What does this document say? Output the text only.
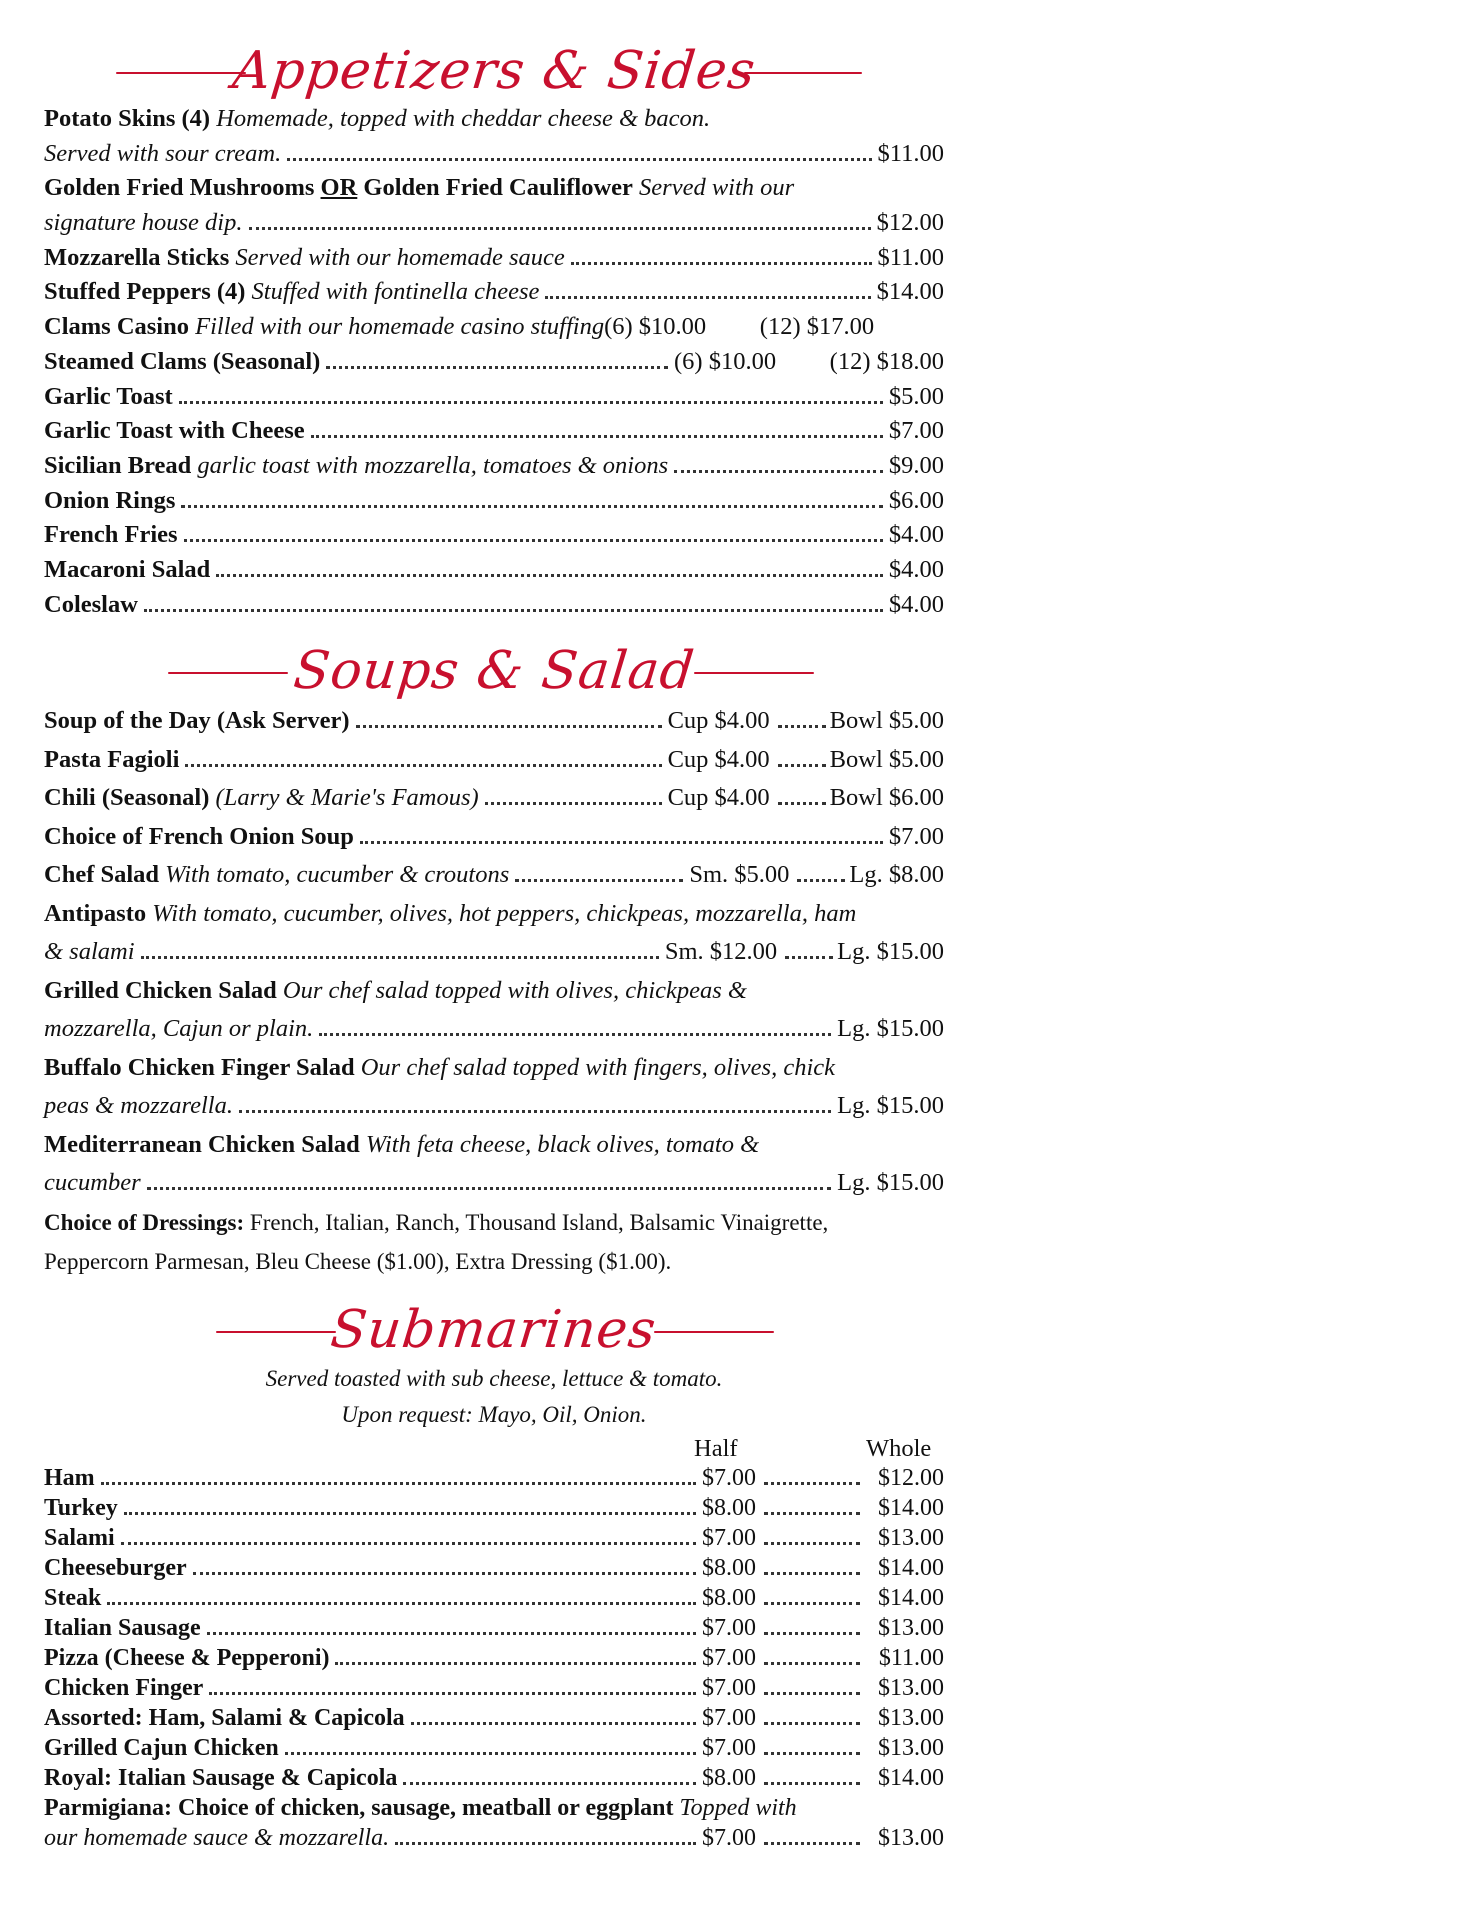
Appetizers & Sides
Potato Skins (4) Homemade, topped with cheddar cheese & bacon.
Served with sour cream.	$11.00
Golden Fried Mushrooms OR Golden Fried Cauliflower Served with our
signature house dip.	$12.00
Mozzarella Sticks
Served with our homemade sauce	$11.00
Stuffed Peppers (4)
Stuffed with fontinella cheese	$14.00
Clams Casino
Filled with our homemade casino stuffing (6) $10.00	(12) $17.00
Steamed Clams (Seasonal)	(6) $10.00	(12) $18.00
Garlic Toast	$5.00
Garlic Toast with Cheese	$7.00
Sicilian Bread
garlic toast with mozzarella, tomatoes & onions	$9.00
Onion Rings	$6.00
French Fries	$4.00
Macaroni Salad	$4.00
Coleslaw	$4.00
Soups & Salad
Soup of the Day (Ask Server)	Cup $4.00 Bowl $5.00
Pasta Fagioli	Cup $4.00 Bowl $5.00
Chili (Seasonal)
(Larry & Marie's Famous)	Cup $4.00 Bowl $6.00
Choice of French Onion Soup	$7.00
Chef Salad
With tomato, cucumber & croutons	Sm. $5.00 Lg. $8.00
Antipasto With tomato, cucumber, olives, hot peppers, chickpeas, mozzarella, ham
& salami	Sm. $12.00 Lg. $15.00
Grilled Chicken Salad Our chef salad topped with olives, chickpeas &
mozzarella, Cajun or plain.	Lg. $15.00
Buffalo Chicken Finger Salad Our chef salad topped with fingers, olives, chick
peas & mozzarella.	Lg. $15.00
Mediterranean Chicken Salad With feta cheese, black olives, tomato &
cucumber	Lg. $15.00
Choice of Dressings: French, Italian, Ranch, Thousand Island, Balsamic Vinaigrette,
Peppercorn Parmesan, Bleu Cheese ($1.00), Extra Dressing ($1.00).
Submarines
Served toasted with sub cheese, lettuce & tomato.
Upon request: Mayo, Oil, Onion.
Half	Whole
Ham	$7.00	$12.00
Turkey	$8.00	$14.00
Salami	$7.00	$13.00
Cheeseburger	$8.00	$14.00
Steak	$8.00	$14.00
Italian Sausage	$7.00	$13.00
Pizza (Cheese & Pepperoni)	$7.00	$11.00
Chicken Finger	$7.00	$13.00
Assorted: Ham, Salami & Capicola	$7.00	$13.00
Grilled Cajun Chicken	$7.00	$13.00
Royal: Italian Sausage & Capicola	$8.00	$14.00
Parmigiana: Choice of chicken, sausage, meatball or eggplant Topped with
our homemade sauce & mozzarella.	$7.00	$13.00
